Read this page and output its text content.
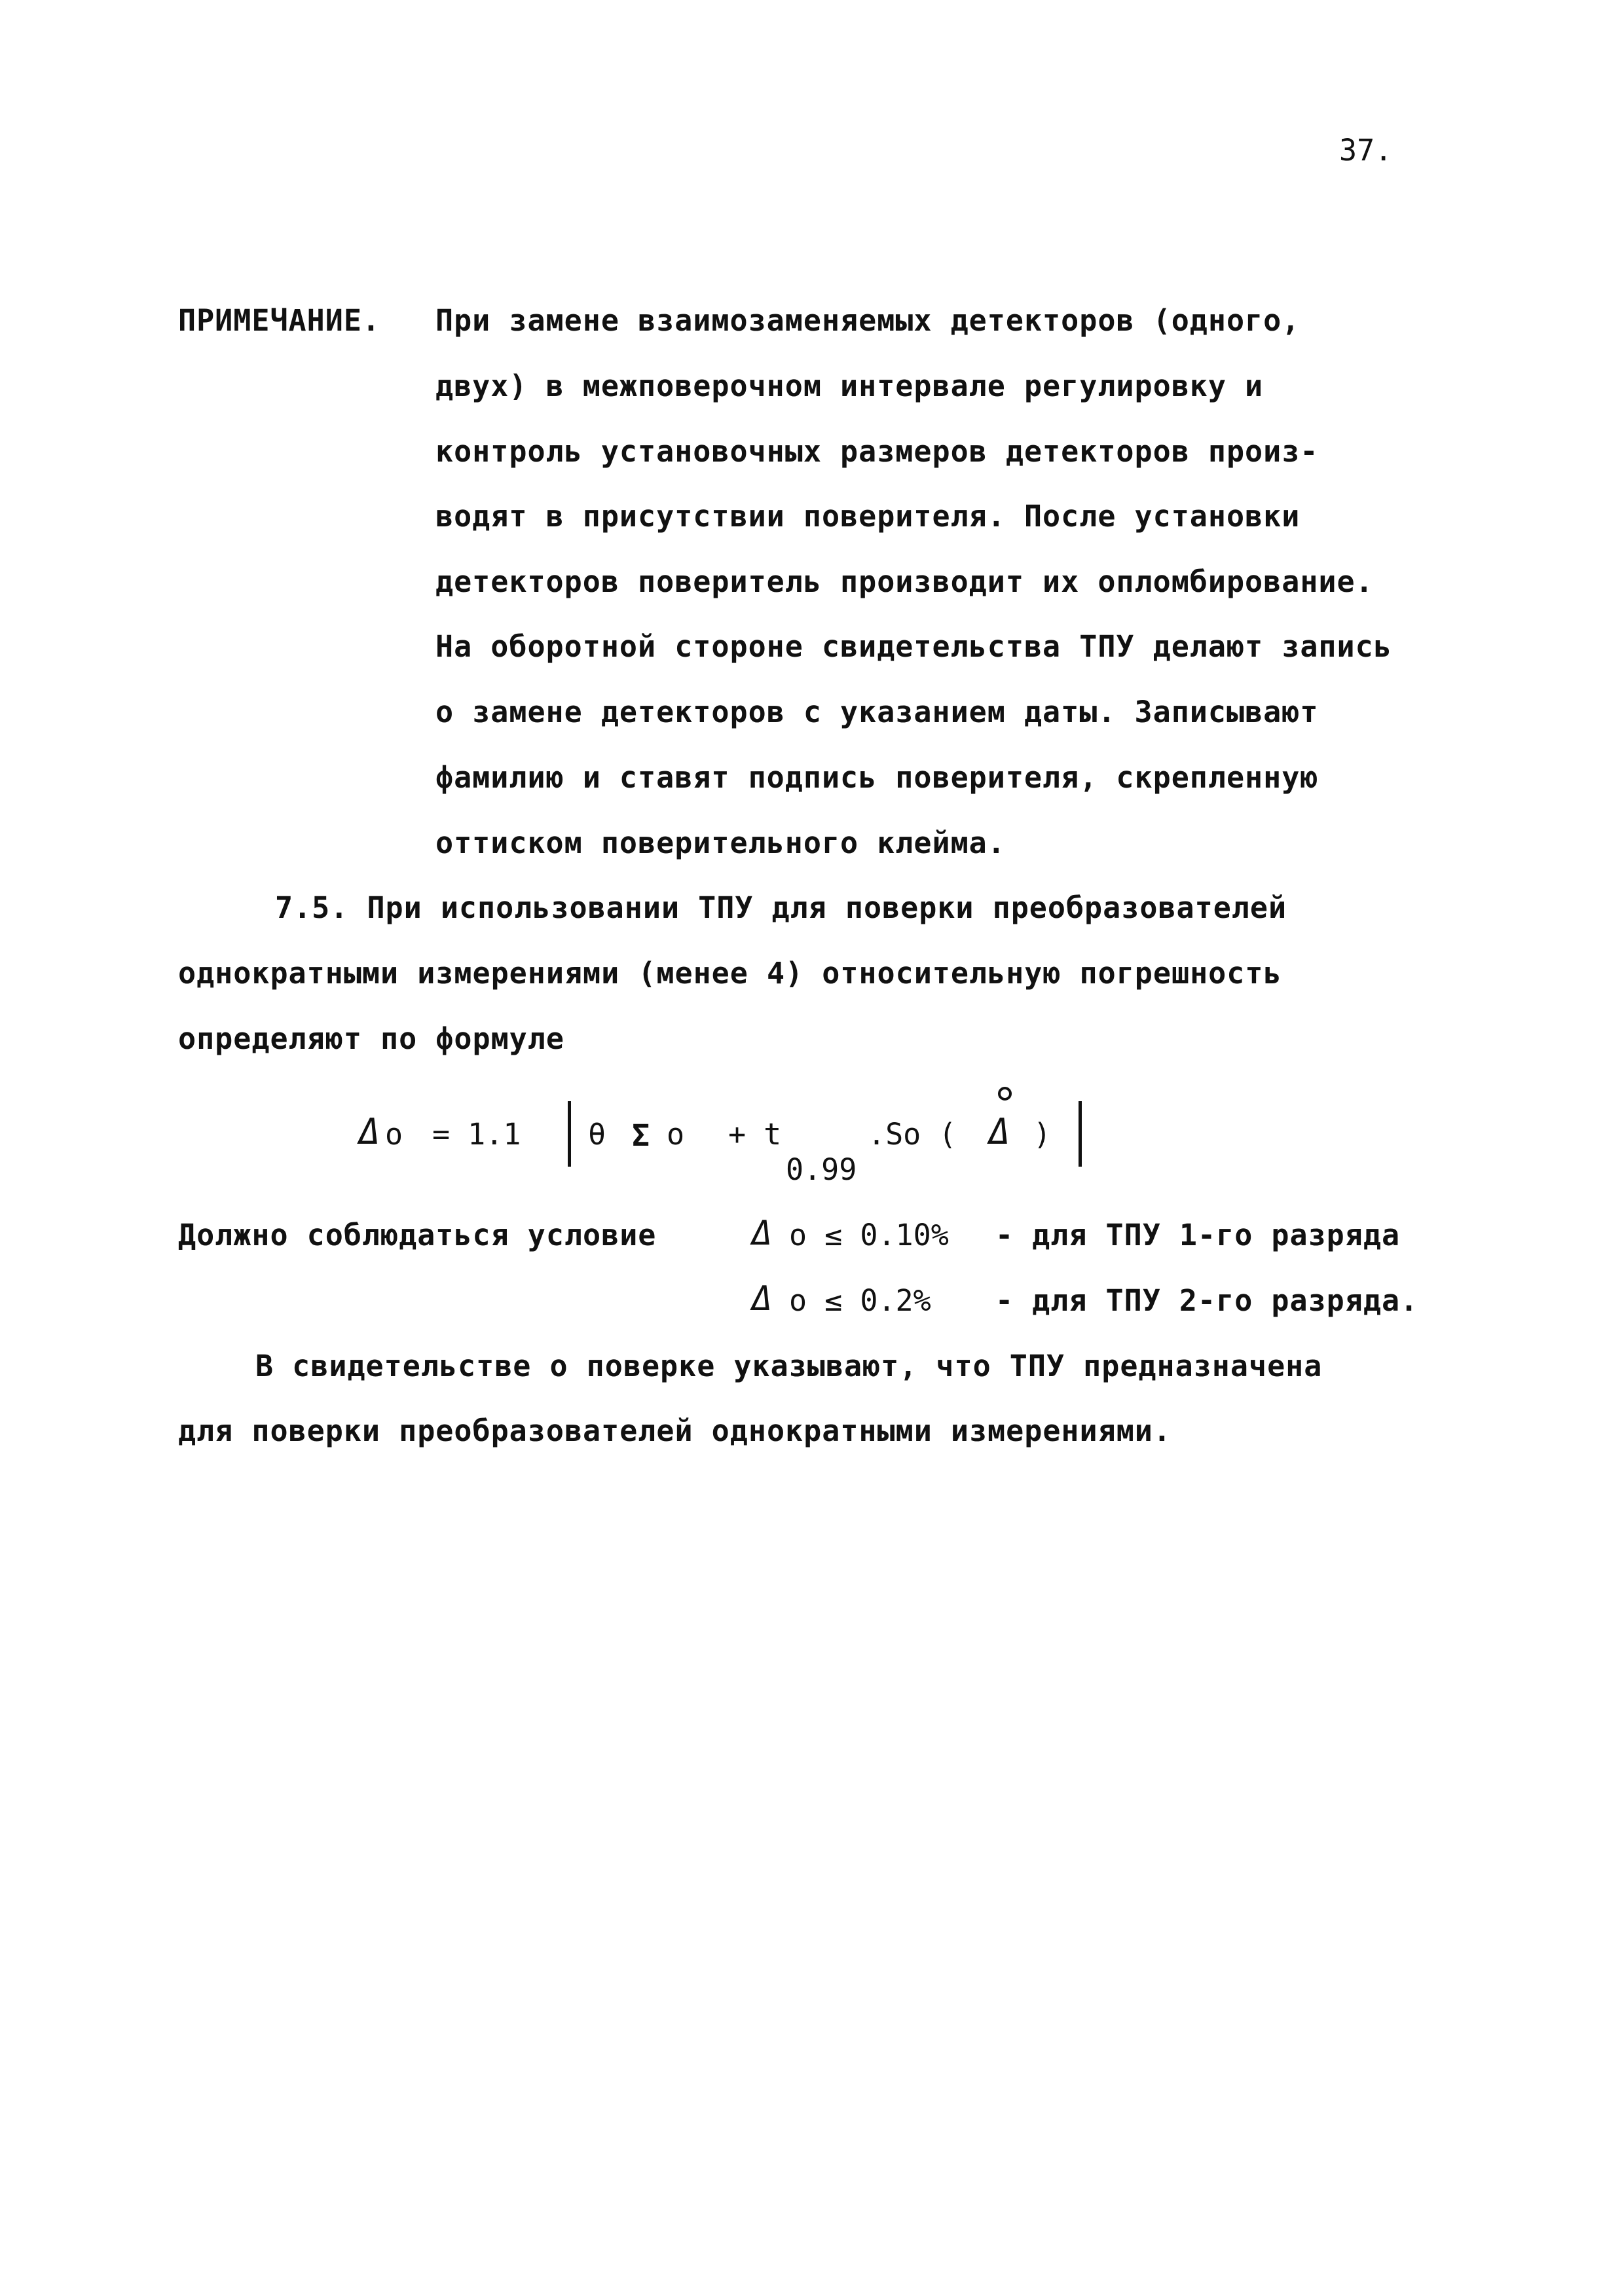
37.
ПРИМЕЧАНИЕ. При замене взаимозаменяемых детекторов (одного,
двух) в межповерочном интервале регулировку и
контроль установочных размеров детекторов произ-
водят в присутствии поверителя. После установки
детекторов поверитель производит их опломбирование.
На оборотной стороне свидетельства ТПУ делают запись
о замене детекторов с указанием даты. Записывают
фамилию и ставят подпись поверителя, скрепленную
оттиском поверительного клейма.
7.5. При использовании ТПУ для поверки преобразователей
однократными измерениями (менее 4) относительную погрешность
определяют по формуле
Δ o = 1.1 θ Σ o + t
0.99
.So ( Δ )
Должно соблюдаться условие	Δ o ≤ 0.10% - для ТПУ 1-го разряда
Δ o ≤ 0.2% - для ТПУ 2-го разряда.
В свидетельстве о поверке указывают, что ТПУ предназначена
для поверки преобразователей однократными измерениями.
